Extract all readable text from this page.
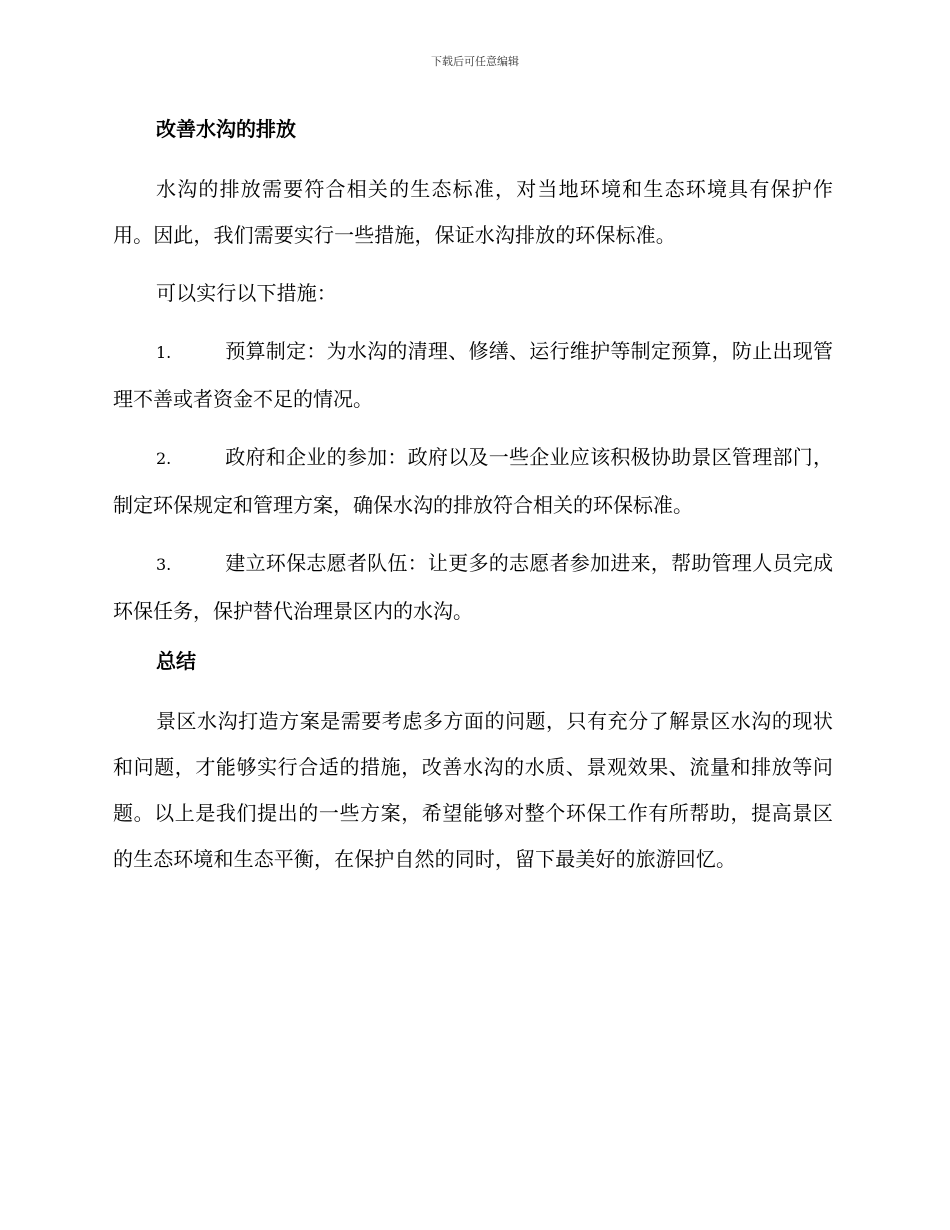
下载后可任意编辑
改善水沟的排放

水沟的排放需要符合相关的生态标准，对当地环境和生态环境具有保护作用。因此，我们需要实行一些措施，保证水沟排放的环保标准。

可以实行以下措施：

1.	预算制定：为水沟的清理、修缮、运行维护等制定预算，防止出现管理不善或者资金不足的情况。
2.	政府和企业的参加：政府以及一些企业应该积极协助景区管理部门，制定环保规定和管理方案，确保水沟的排放符合相关的环保标准。
3.	建立环保志愿者队伍：让更多的志愿者参加进来，帮助管理人员完成环保任务，保护替代治理景区内的水沟。
总结

景区水沟打造方案是需要考虑多方面的问题，只有充分了解景区水沟的现状和问题，才能够实行合适的措施，改善水沟的水质、景观效果、流量和排放等问题。以上是我们提出的一些方案，希望能够对整个环保工作有所帮助，提高景区的生态环境和生态平衡，在保护自然的同时，留下最美好的旅游回忆。
